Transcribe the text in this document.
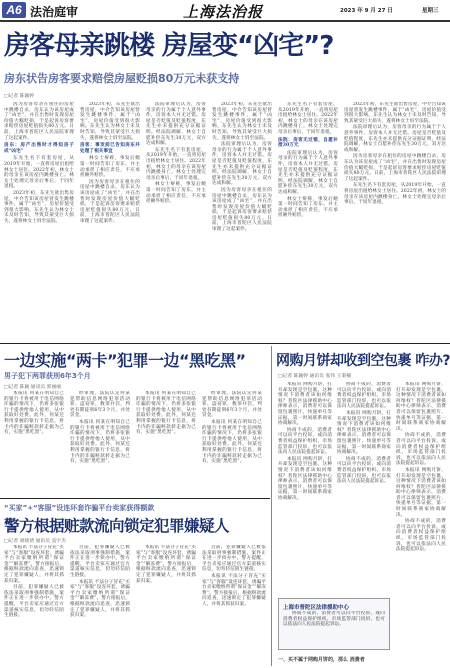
A6 法治庭审	上海法治报	2023 年 9 月 27 日	星期三
房客母亲跳楼 房屋变“凶宅”?
房东状告房客要求赔偿房屋贬损80万元未获支持
□记者 陈颖婷

因为房客母亲在租住的房屋中跳楼自杀，房东认为该房屋成了“凶宅”，并在出售时发现房屋价值大幅贬损，于是起诉房客要求赔偿房屋贬值损失80万元。日前，上海市普陀区人民法院审理了这起案件。

房东：房产出售时才得知房子成“凶宅”

东先生名下有套房屋，从2019年开始，一直将房屋出租给林女士居住。2022年初，林女士的母亲在该房屋内跳楼身亡。林女士处理完母亲后事后，于同年退租。

2023年初，东先生欲出售房屋，中介告知该房屋曾发生跳楼事件，属于“凶宅”，房屋价值受到很大影响。东先生认为林女士未及时告知，导致其蒙受巨大损失，遂将林女士诉至法院。

2023年初，东先生欲出售房屋，中介告知该房屋曾发生跳楼事件，属于“凶宅”，房屋价值受到很大影响。东先生认为林女士未及时告知，导致其蒙受巨大损失，遂将林女士诉至法院。

房客：事发前已告知房东并处理了相关事宜

林女士辩称，事发后她第一时间告知了房东，并主动承担了相应责任，不应承担额外赔偿。

因为房客母亲在租住的房屋中跳楼自杀，房东认为该房屋成了“凶宅”，并在出售时发现房屋价值大幅贬损，于是起诉房客要求赔偿房屋贬值损失80万元。日前，上海市普陀区人民法院审理了这起案件。

法院审理后认为，房客母亲的行为属于个人意外事件，房客本人并无过错。房屋是否贬值及贬值程度，东先生亦未提供充分证据证明。经法院调解，林女士自愿补偿东先生30万元，双方达成和解。

东先生名下有套房屋，从2019年开始，一直将房屋出租给林女士居住。2022年初，林女士的母亲在该房屋内跳楼身亡。林女士处理完母亲后事后，于同年退租。

林女士辩称，事发后她第一时间告知了房东，并主动承担了相应责任，不应承担额外赔偿。

2023年初，东先生欲出售房屋，中介告知该房屋曾发生跳楼事件，属于“凶宅”，房屋价值受到很大影响。东先生认为林女士未及时告知，导致其蒙受巨大损失，遂将林女士诉至法院。

法院审理后认为，房客母亲的行为属于个人意外事件，房客本人并无过错。房屋是否贬值及贬值程度，东先生亦未提供充分证据证明。经法院调解，林女士自愿补偿东先生30万元，双方达成和解。

因为房客母亲在租住的房屋中跳楼自杀，房东认为该房屋成了“凶宅”，并在出售时发现房屋价值大幅贬损，于是起诉房客要求赔偿房屋贬值损失80万元。日前，上海市普陀区人民法院审理了这起案件。

东先生名下有套房屋，从2019年开始，一直将房屋出租给林女士居住。2022年初，林女士的母亲在该房屋内跳楼身亡。林女士处理完母亲后事后，于同年退租。

法院：房客无过错，自愿补偿30万元

法院审理后认为，房客母亲的行为属于个人意外事件，房客本人并无过错。房屋是否贬值及贬值程度，东先生亦未提供充分证据证明。经法院调解，林女士自愿补偿东先生30万元，双方达成和解。

林女士辩称，事发后她第一时间告知了房东，并主动承担了相应责任，不应承担额外赔偿。

2023年初，东先生欲出售房屋，中介告知该房屋曾发生跳楼事件，属于“凶宅”，房屋价值受到很大影响。东先生认为林女士未及时告知，导致其蒙受巨大损失，遂将林女士诉至法院。

法院审理后认为，房客母亲的行为属于个人意外事件，房客本人并无过错。房屋是否贬值及贬值程度，东先生亦未提供充分证据证明。经法院调解，林女士自愿补偿东先生30万元，双方达成和解。

因为房客母亲在租住的房屋中跳楼自杀，房东认为该房屋成了“凶宅”，并在出售时发现房屋价值大幅贬损，于是起诉房客要求赔偿房屋贬值损失80万元。日前，上海市普陀区人民法院审理了这起案件。

东先生名下有套房屋，从2019年开始，一直将房屋出租给林女士居住。2022年初，林女士的母亲在该房屋内跳楼身亡。林女士处理完母亲后事后，于同年退租。

一边实施“两卡”犯罪一边“黑吃黑”
男子犯下两罪获刑6年3个月
□记者 陈颖 通讯员 郭丽丽

本报讯 何某在明知自己的银行卡将被用于电信网络诈骗的情况下，仍将多张银行卡提供给他人使用，从中获取好处费。此外，何某还利用掌握的银行卡信息，将卡内的诈骗赃款转走据为己有，实施“黑吃黑”。

经审理，法院认定何某犯帮助信息网络犯罪活动罪、盗窃罪，数罪并罚，判处有期徒刑6年3个月，并处罚金。

本报讯 何某在明知自己的银行卡将被用于电信网络诈骗的情况下，仍将多张银行卡提供给他人使用，从中获取好处费。此外，何某还利用掌握的银行卡信息，将卡内的诈骗赃款转走据为己有，实施“黑吃黑”。

本报讯 何某在明知自己的银行卡将被用于电信网络诈骗的情况下，仍将多张银行卡提供给他人使用，从中获取好处费。此外，何某还利用掌握的银行卡信息，将卡内的诈骗赃款转走据为己有，实施“黑吃黑”。

经审理，法院认定何某犯帮助信息网络犯罪活动罪、盗窃罪，数罪并罚，判处有期徒刑6年3个月，并处罚金。

本报讯 何某在明知自己的银行卡将被用于电信网络诈骗的情况下，仍将多张银行卡提供给他人使用，从中获取好处费。此外，何某还利用掌握的银行卡信息，将卡内的诈骗赃款转走据为己有，实施“黑吃黑”。

“买家”+“客服”设连环套诈骗平台卖家获得额款
警方根据赃款流向锁定犯罪嫌疑人
□记者 胡晓倩 通讯员 袁宇杰

本报讯 不法分子冒充“买家”与“客服”设连环套，诱骗平台卖家缴纳所谓“保证金”“解冻费”。警方接报后，根据赃款流向追查，迅速锁定了犯罪嫌疑人，并将其抓获归案。

目前，犯罪嫌疑人已被依法采取刑事强制措施，案件正在进一步侦办中。警方提醒，平台卖家应通过官方渠道核实信息，切勿轻信陌生链接。

目前，犯罪嫌疑人已被依法采取刑事强制措施，案件正在进一步侦办中。警方提醒，平台卖家应通过官方渠道核实信息，切勿轻信陌生链接。

本报讯 不法分子冒充“买家”与“客服”设连环套，诱骗平台卖家缴纳所谓“保证金”“解冻费”。警方接报后，根据赃款流向追查，迅速锁定了犯罪嫌疑人，并将其抓获归案。

本报讯 不法分子冒充“买家”与“客服”设连环套，诱骗平台卖家缴纳所谓“保证金”“解冻费”。警方接报后，根据赃款流向追查，迅速锁定了犯罪嫌疑人，并将其抓获归案。

目前，犯罪嫌疑人已被依法采取刑事强制措施，案件正在进一步侦办中。警方提醒，平台卖家应通过官方渠道核实信息，切勿轻信陌生链接。

本报讯 不法分子冒充“买家”与“客服”设连环套，诱骗平台卖家缴纳所谓“保证金”“解冻费”。警方接报后，根据赃款流向追查，迅速锁定了犯罪嫌疑人，并将其抓获归案。

网购月饼却收到空包裹 咋办?
□记者 陈颖婷 通讯员 张伟 王秉楠

本报讯 网购月饼，打开却发现是空包裹。这种情况下消费者该如何维权？普陀区法律援助中心律师表示，消费者可以保留包裹照片、快递单号等证据，第一时间联系商家协商解决。

协商不成的，消费者可以向平台投诉，或向消费者权益保护组织、市场监管部门投诉，也可以依法向人民法院提起诉讼。

本报讯 网购月饼，打开却发现是空包裹。这种情况下消费者该如何维权？普陀区法律援助中心律师表示，消费者可以保留包裹照片、快递单号等证据，第一时间联系商家协商解决。

协商不成的，消费者可以向平台投诉，或向消费者权益保护组织、市场监管部门投诉，也可以依法向人民法院提起诉讼。

本报讯 网购月饼，打开却发现是空包裹。这种情况下消费者该如何维权？普陀区法律援助中心律师表示，消费者可以保留包裹照片、快递单号等证据，第一时间联系商家协商解决。

协商不成的，消费者可以向平台投诉，或向消费者权益保护组织、市场监管部门投诉，也可以依法向人民法院提起诉讼。

本报讯 网购月饼，打开却发现是空包裹。这种情况下消费者该如何维权？普陀区法律援助中心律师表示，消费者可以保留包裹照片、快递单号等证据，第一时间联系商家协商解决。

协商不成的，消费者可以向平台投诉，或向消费者权益保护组织、市场监管部门投诉，也可以依法向人民法院提起诉讼。

本报讯 网购月饼，打开却发现是空包裹。这种情况下消费者该如何维权？普陀区法律援助中心律师表示，消费者可以保留包裹照片、快递单号等证据，第一时间联系商家协商解决。

协商不成的，消费者可以向平台投诉，或向消费者权益保护组织、市场监管部门投诉，也可以依法向人民法院提起诉讼。

上海市普陀区法律援助中心

协商不成的，消费者可以向平台投诉，或向消费者权益保护组织、市场监管部门投诉，也可以依法向人民法院提起诉讼。

一、买不属于网购月饼的，那么 消费者
